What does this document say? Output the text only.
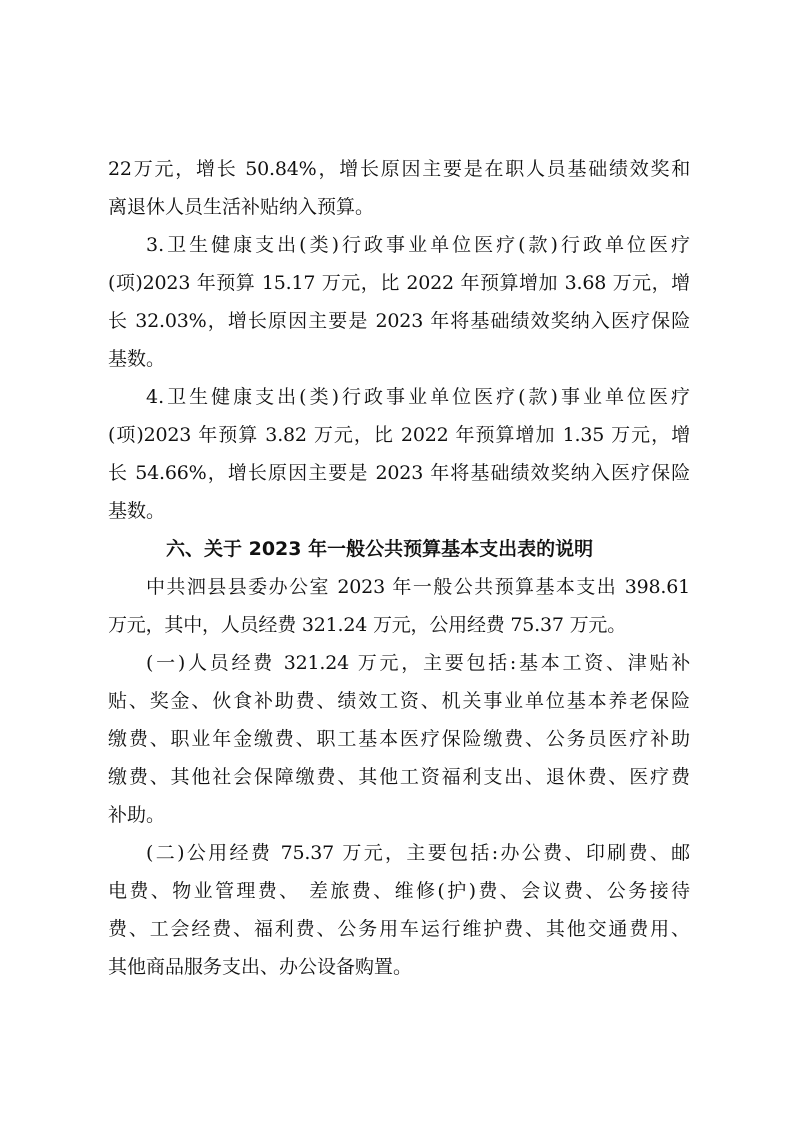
22万元，增长 50.84%，增长原因主要是在职人员基础绩效奖和
离退休人员生活补贴纳入预算。
3.卫生健康支出(类)行政事业单位医疗(款)行政单位医疗
(项)2023 年预算 15.17 万元，比 2022 年预算增加 3.68 万元，增
长 32.03%，增长原因主要是 2023 年将基础绩效奖纳入医疗保险
基数。
4.卫生健康支出(类)行政事业单位医疗(款)事业单位医疗
(项)2023 年预算 3.82 万元，比 2022 年预算增加 1.35 万元，增
长 54.66%，增长原因主要是 2023 年将基础绩效奖纳入医疗保险
基数。
六、关于 2023 年一般公共预算基本支出表的说明
中共泗县县委办公室 2023 年一般公共预算基本支出 398.61
万元，其中，人员经费 321.24 万元，公用经费 75.37 万元。
(一)人员经费 321.24 万元，主要包括:基本工资、津贴补
贴、奖金、伙食补助费、绩效工资、机关事业单位基本养老保险
缴费、职业年金缴费、职工基本医疗保险缴费、公务员医疗补助
缴费、其他社会保障缴费、其他工资福利支出、退休费、医疗费
补助。
(二)公用经费 75.37 万元，主要包括:办公费、印刷费、邮
电费、物业管理费、 差旅费、维修(护)费、会议费、公务接待
费、工会经费、福利费、公务用车运行维护费、其他交通费用、
其他商品服务支出、办公设备购置。
